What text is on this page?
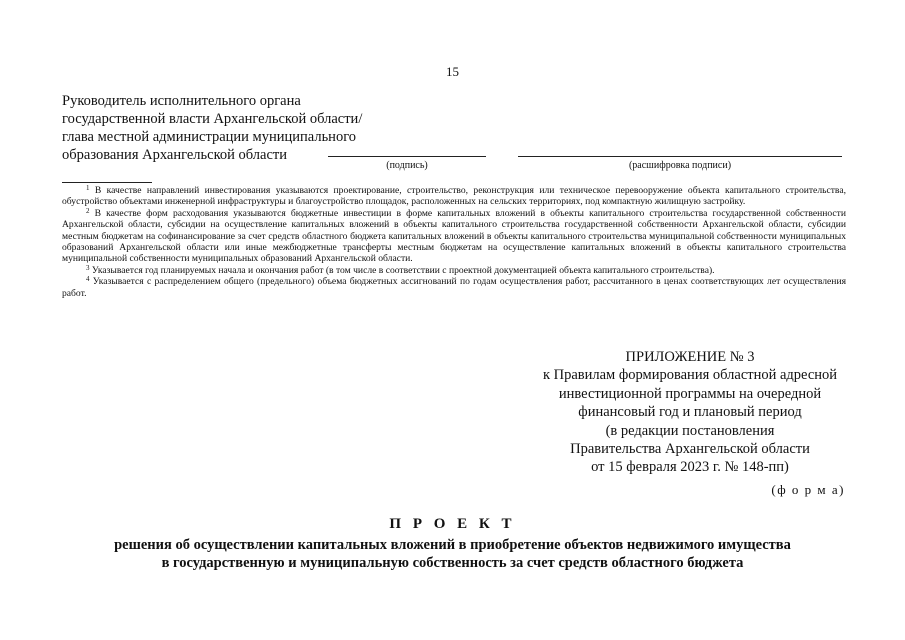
15
Руководитель исполнительного органа
государственной власти Архангельской области/
глава местной администрации муниципального
образования Архангельской области
(подпись)	(расшифровка подписи)

$^1$ В качестве направлений инвестирования указываются проектирование, строительство, реконструкция или техническое перевооружение объекта капитального строительства, обустройство объектами инженерной инфраструктуры и благоустройство площадок, расположенных на сельских территориях, под компактную жилищную застройку.

$^2$ В качестве форм расходования указываются бюджетные инвестиции в форме капитальных вложений в объекты капитального строительства государственной собственности Архангельской области, субсидии на осуществление капитальных вложений в объекты капитального строительства государственной собственности Архангельской области, субсидии местным бюджетам на софинансирование за счет средств областного бюджета капитальных вложений в объекты капитального строительства муниципальной собственности муниципальных образований Архангельской области или иные межбюджетные трансферты местным бюджетам на осуществление капитальных вложений в объекты капитального строительства муниципальной собственности муниципальных образований Архангельской области.

$^3$ Указывается год планируемых начала и окончания работ (в том числе в соответствии с проектной документацией объекта капитального строительства).

$^4$ Указывается с распределением общего (предельного) объема бюджетных ассигнований по годам осуществления работ, рассчитанного в ценах соответствующих лет осуществления работ.

ПРИЛОЖЕНИЕ № 3
к Правилам формирования областной адресной
инвестиционной программы на очередной
финансовый год и плановый период
(в редакции постановления
Правительства Архангельской области
от 15 февраля 2023 г. № 148-пп)
(ф о р м а)
П Р О Е К Т
решения об осуществлении капитальных вложений в приобретение объектов недвижимого имущества
в государственную и муниципальную собственность за счет средств областного бюджета
